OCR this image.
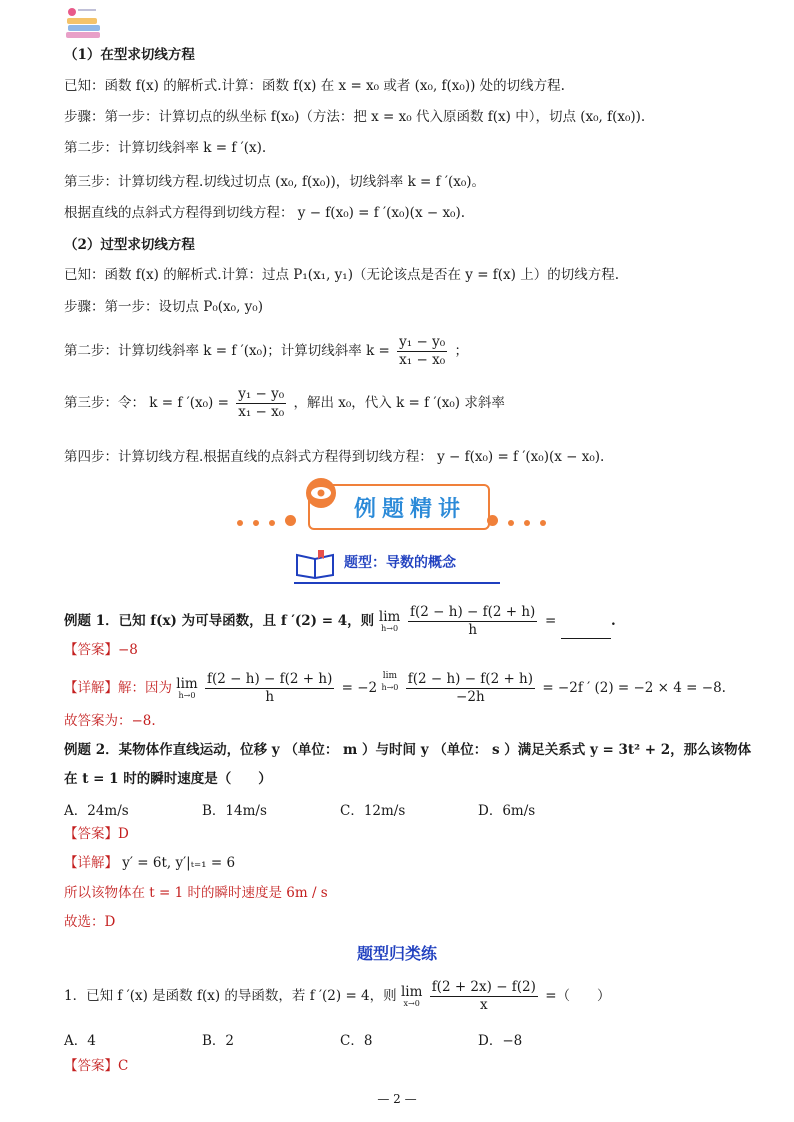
（1）在型求切线方程
已知：函数 f(x) 的解析式.计算：函数 f(x) 在 x = x₀ 或者 (x₀, f(x₀)) 处的切线方程.
步骤：第一步：计算切点的纵坐标 f(x₀)（方法：把 x = x₀ 代入原函数 f(x) 中），切点 (x₀, f(x₀)).
第二步：计算切线斜率 k = f ′(x).
第三步：计算切线方程.切线过切点 (x₀, f(x₀))，切线斜率 k = f ′(x₀)。
根据直线的点斜式方程得到切线方程： y − f(x₀) = f ′(x₀)(x − x₀).
（2）过型求切线方程
已知：函数 f(x) 的解析式.计算：过点 P₁(x₁, y₁)（无论该点是否在 y = f(x) 上）的切线方程.
步骤：第一步：设切点 P₀(x₀, y₀)
第二步：计算切线斜率 k = f ′(x₀)；计算切线斜率 $k = \frac{\text{y₁ − y₀}}{\text{x₁ − x₀}}$ ；
第三步：令： k = f $'(x_0) = \frac{\text{y₁ − y₀}}{\text{x₁ − x₀}}$ ，解出 x₀，代入 k = f ′(x₀) 求斜率
第四步：计算切线方程.根据直线的点斜式方程得到切线方程： y − f(x₀) = f ′(x₀)(x − x₀).
例题精讲
题型：导数的概念
例题 1．已知 f(x) 为可导函数，且 f ′(2) = 4，则 lim
h→0
$\frac{f(2 - h) - f(2 + h)}{h}$ =	.
【答案】−8
【详解】解：因为 lim
h→0
$\frac{f(2 - h) - f(2 + h)}{h} = -2$ lim
h→0
$\frac{f(2 - h) - f(2 + h)}{-2h} = -2f$ ′ (2) = −2 × 4 = −8.
故答案为：−8.
例题 2．某物体作直线运动，位移 y （单位： m ）与时间 y （单位： s ）满足关系式 y = 3t² + 2，那么该物体
在 t = 1 时的瞬时速度是（　　）
A．24m/s	B．14m/s	C．12m/s	D．6m/s
【答案】D
【详解】 y′ = 6t, y′|ₜ₌₁ = 6
所以该物体在 t = 1 时的瞬时速度是 6m / s
故选：D
题型归类练
1．已知 f ′(x) 是函数 f(x) 的导函数，若 f ′(2) = 4，则 lim
x→0
$\frac{f(2 + 2x) - f(2)}{x}$ =（　　）
A．4	B．2	C．8	D．−8
【答案】C
— 2 —
